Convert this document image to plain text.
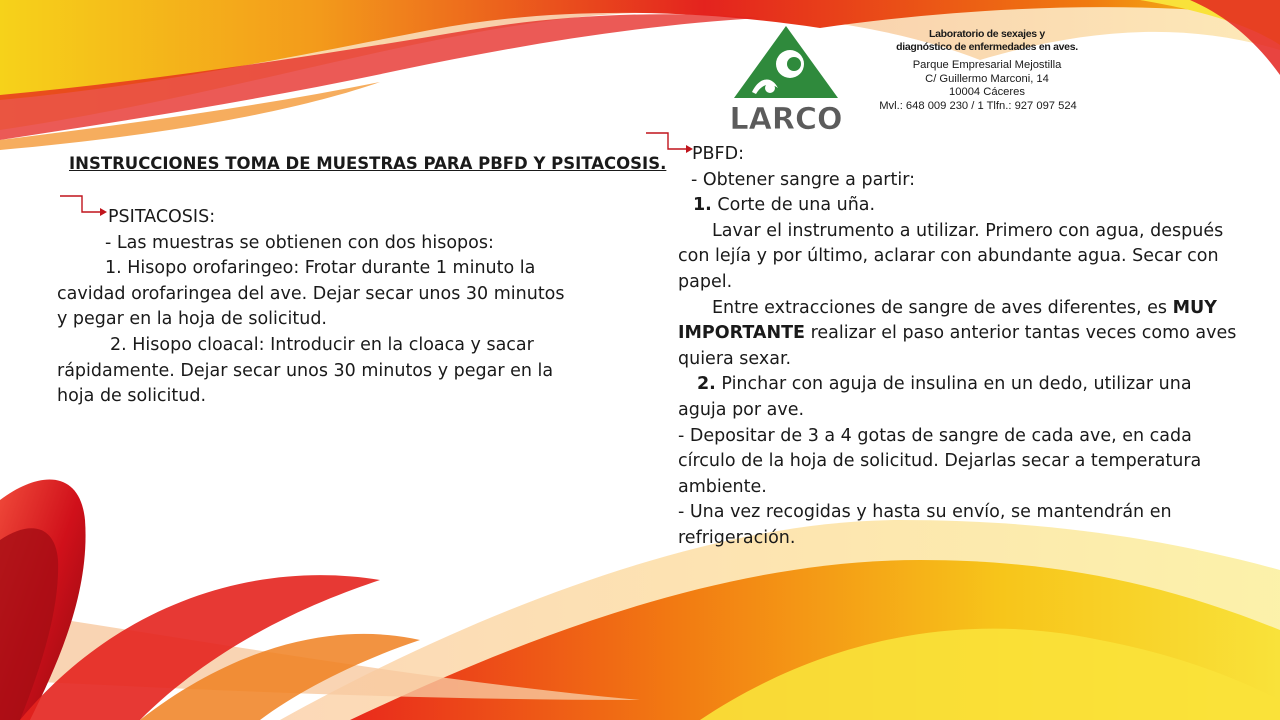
LARCO
Laboratorio de sexajes y
diagnóstico de enfermedades en aves.
Parque Empresarial Mejostilla
C/ Guillermo Marconi, 14
10004 Cáceres
Mvl.: 648 009 230 / 1 Tlfn.: 927 097 524
INSTRUCCIONES TOMA DE MUESTRAS PARA PBFD Y PSITACOSIS.
PSITACOSIS:
- Las muestras se obtienen con dos hisopos:
1. Hisopo orofaringeo: Frotar durante 1 minuto la
cavidad orofaringea del ave. Dejar secar unos 30 minutos
y pegar en la hoja de solicitud.
2. Hisopo cloacal: Introducir en la cloaca y sacar
rápidamente. Dejar secar unos 30 minutos y pegar en la
hoja de solicitud.
PBFD:
- Obtener sangre a partir:
1. Corte de una uña.
Lavar el instrumento a utilizar. Primero con agua, después
con lejía y por último, aclarar con abundante agua. Secar con
papel.
Entre extracciones de sangre de aves diferentes, es MUY
IMPORTANTE realizar el paso anterior tantas veces como aves
quiera sexar.
2. Pinchar con aguja de insulina en un dedo, utilizar una
aguja por ave.
- Depositar de 3 a 4 gotas de sangre de cada ave, en cada
círculo de la hoja de solicitud. Dejarlas secar a temperatura
ambiente.
- Una vez recogidas y hasta su envío, se mantendrán en
refrigeración.
